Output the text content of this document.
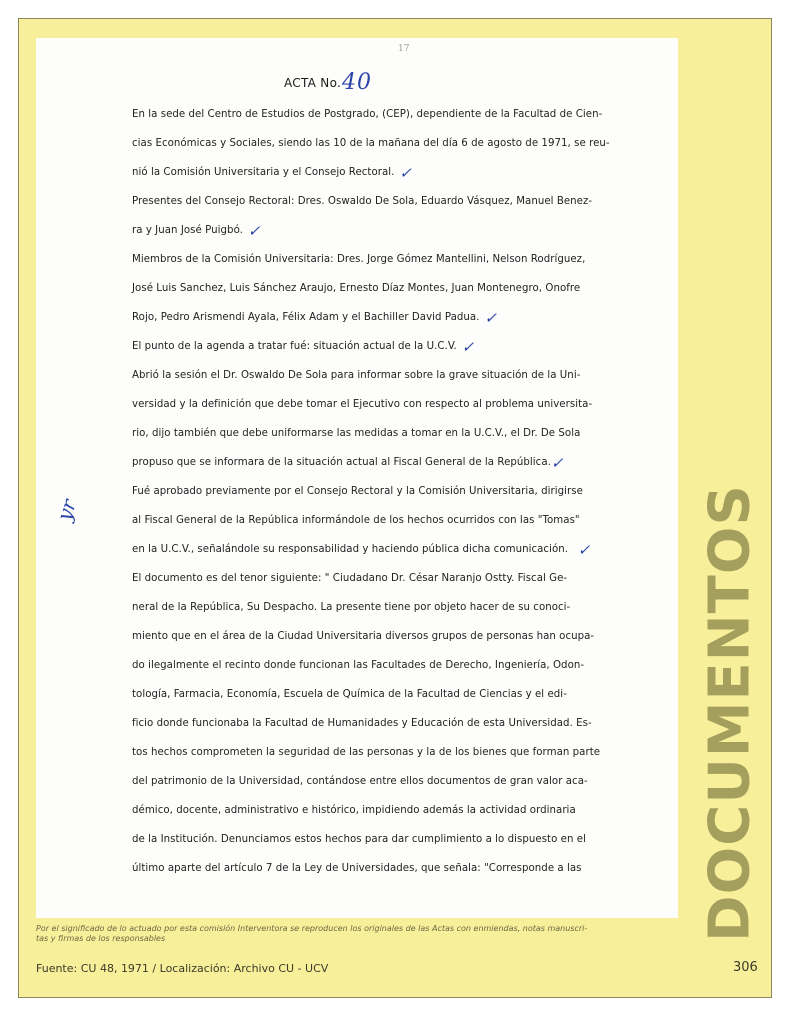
17
ACTA No. 40
En la sede del Centro de Estudios de Postgrado, (CEP), dependiente de la Facultad de Cien-
cias Económicas y Sociales, siendo las 10 de la mañana del día 6 de agosto de 1971, se reu-
nió la Comisión Universitaria y el Consejo Rectoral. ✓
Presentes del Consejo Rectoral: Dres. Oswaldo De Sola, Eduardo Vásquez, Manuel Benez-
ra y Juan José Puigbó. ✓
Miembros de la Comisión Universitaria: Dres. Jorge Gómez Mantellini, Nelson Rodríguez,
José Luis Sanchez, Luis Sánchez Araujo, Ernesto Díaz Montes, Juan Montenegro, Onofre
Rojo, Pedro Arismendi Ayala, Félix Adam y el Bachiller David Padua. ✓
El punto de la agenda a tratar fué: situación actual de la U.C.V. ✓
Abrió la sesión el Dr. Oswaldo De Sola para informar sobre la grave situación de la Uni-
versidad y la definición que debe tomar el Ejecutivo con respecto al problema universita-
rio, dijo también que debe uniformarse las medidas a tomar en la U.C.V., el Dr. De Sola
propuso que se informara de la situación actual al Fiscal General de la República. ✓
Fué aprobado previamente por el Consejo Rectoral y la Comisión Universitaria, dirigirse
al Fiscal General de la República informándole de los hechos ocurridos con las "Tomas"
en la U.C.V., señalándole su responsabilidad y haciendo pública dicha comunicación. ✓
El documento es del tenor siguiente: " Ciudadano Dr. César Naranjo Ostty. Fiscal Ge-
neral de la República, Su Despacho. La presente tiene por objeto hacer de su conoci-
miento que en el área de la Ciudad Universitaria diversos grupos de personas han ocupa-
do ilegalmente el recinto donde funcionan las Facultades de Derecho, Ingeniería, Odon-
tología, Farmacia, Economía, Escuela de Química de la Facultad de Ciencias y el edi-
ficio donde funcionaba la Facultad de Humanidades y Educación de esta Universidad. Es-
tos hechos comprometen la seguridad de las personas y la de los bienes que forman parte
del patrimonio de la Universidad, contándose entre ellos documentos de gran valor aca-
démico, docente, administrativo e histórico, impidiendo además la actividad ordinaria
de la Institución. Denunciamos estos hechos para dar cumplimiento a lo dispuesto en el
último aparte del artículo 7 de la Ley de Universidades, que señala: "Corresponde a las
yr	DOCUMENTOS
Por el significado de lo actuado por esta comisión Interventora se reproducen los originales de las Actas con enmiendas, notas manuscri-tas y firmas de los responsables
Fuente: CU 48, 1971 / Localización: Archivo CU - UCV	306
